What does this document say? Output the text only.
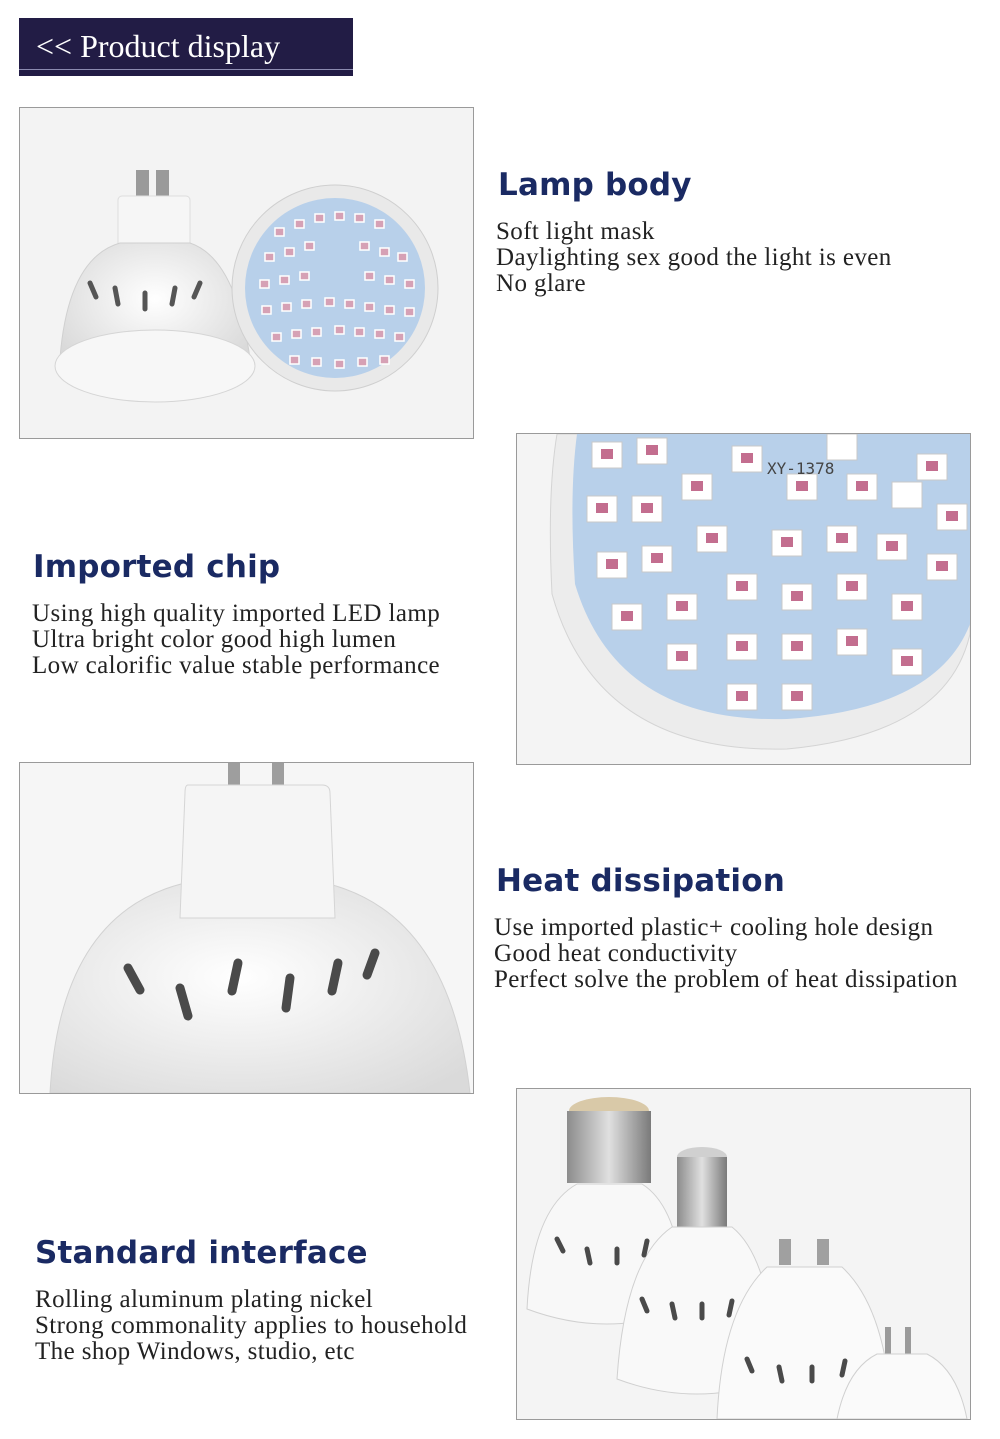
<< Product display
Lamp body
Soft light mask
Daylighting sex good the light is even
No glare
XY-1378
Imported chip
Using high quality imported LED lamp
Ultra bright color good high lumen
Low calorific value stable performance
Heat dissipation
Use imported plastic+ cooling hole design
Good heat conductivity
Perfect solve the problem of heat dissipation
Standard interface
Rolling aluminum plating nickel
Strong commonality applies to household
The shop Windows, studio, etc
